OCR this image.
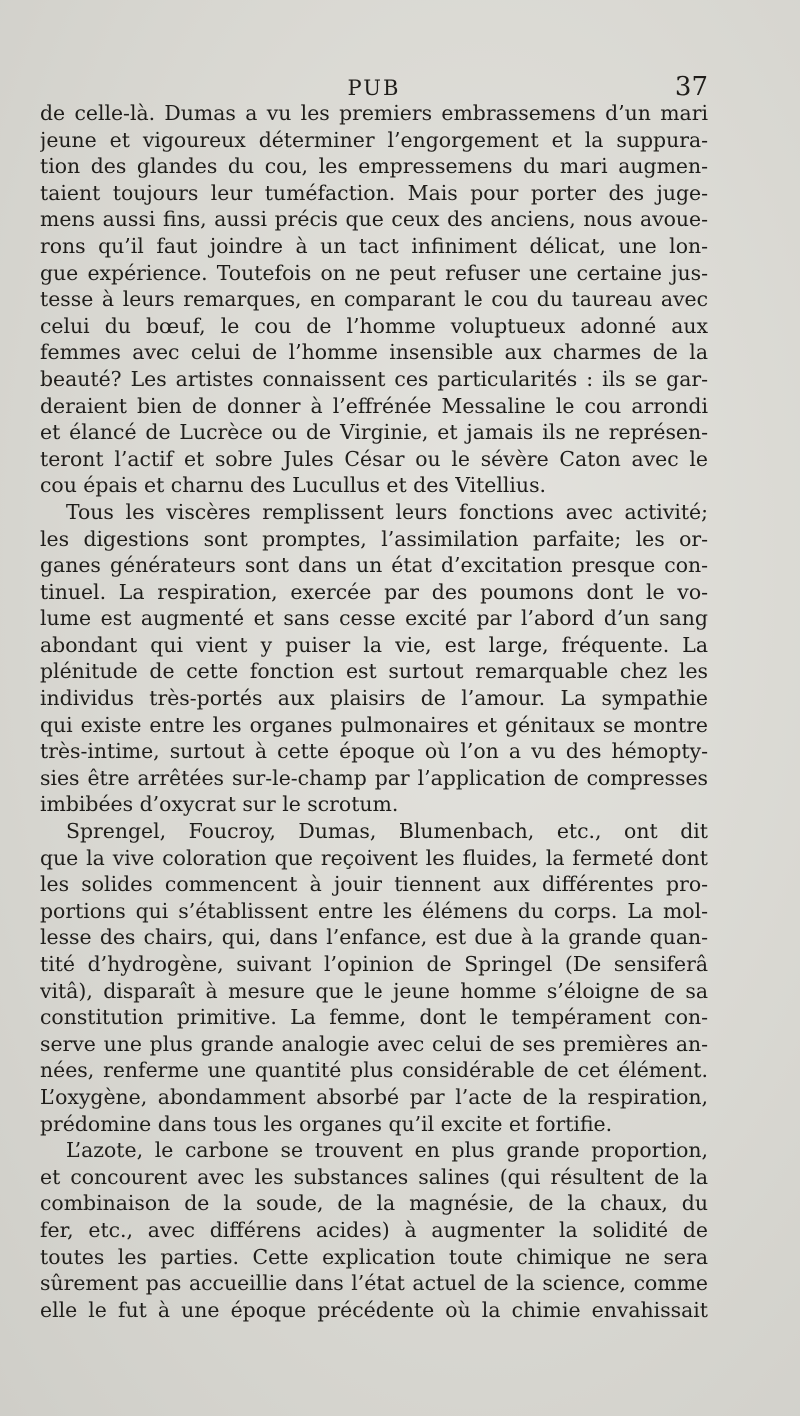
PUB	37
de celle-là. Dumas a vu les premiers embrassemens d’un mari
jeune et vigoureux déterminer l’engorgement et la suppura-
tion des glandes du cou, les empressemens du mari augmen-
taient toujours leur tuméfaction. Mais pour porter des juge-
mens aussi fins, aussi précis que ceux des anciens, nous avoue-
rons qu’il faut joindre à un tact infiniment délicat, une lon-
gue expérience. Toutefois on ne peut refuser une certaine jus-
tesse à leurs remarques, en comparant le cou du taureau avec
celui du bœuf, le cou de l’homme voluptueux adonné aux
femmes avec celui de l’homme insensible aux charmes de la
beauté? Les artistes connaissent ces particularités : ils se gar-
deraient bien de donner à l’effrénée Messaline le cou arrondi
et élancé de Lucrèce ou de Virginie, et jamais ils ne représen-
teront l’actif et sobre Jules César ou le sévère Caton avec le
cou épais et charnu des Lucullus et des Vitellius.
Tous les viscères remplissent leurs fonctions avec activité;
les digestions sont promptes, l’assimilation parfaite; les or-
ganes générateurs sont dans un état d’excitation presque con-
tinuel. La respiration, exercée par des poumons dont le vo-
lume est augmenté et sans cesse excité par l’abord d’un sang
abondant qui vient y puiser la vie, est large, fréquente. La
plénitude de cette fonction est surtout remarquable chez les
individus très-portés aux plaisirs de l’amour. La sympathie
qui existe entre les organes pulmonaires et génitaux se montre
très-intime, surtout à cette époque où l’on a vu des hémopty-
sies être arrêtées sur-le-champ par l’application de compresses
imbibées d’oxycrat sur le scrotum.
Sprengel, Foucroy, Dumas, Blumenbach, etc., ont dit
que la vive coloration que reçoivent les fluides, la fermeté dont
les solides commencent à jouir tiennent aux différentes pro-
portions qui s’établissent entre les élémens du corps. La mol-
lesse des chairs, qui, dans l’enfance, est due à la grande quan-
tité d’hydrogène, suivant l’opinion de Springel (De sensiferâ
vitâ), disparaît à mesure que le jeune homme s’éloigne de sa
constitution primitive. La femme, dont le tempérament con-
serve une plus grande analogie avec celui de ses premières an-
nées, renferme une quantité plus considérable de cet élément.
L’oxygène, abondamment absorbé par l’acte de la respiration,
prédomine dans tous les organes qu’il excite et fortifie.
L’azote, le carbone se trouvent en plus grande proportion,
et concourent avec les substances salines (qui résultent de la
combinaison de la soude, de la magnésie, de la chaux, du
fer, etc., avec différens acides) à augmenter la solidité de
toutes les parties. Cette explication toute chimique ne sera
sûrement pas accueillie dans l’état actuel de la science, comme
elle le fut à une époque précédente où la chimie envahissait
